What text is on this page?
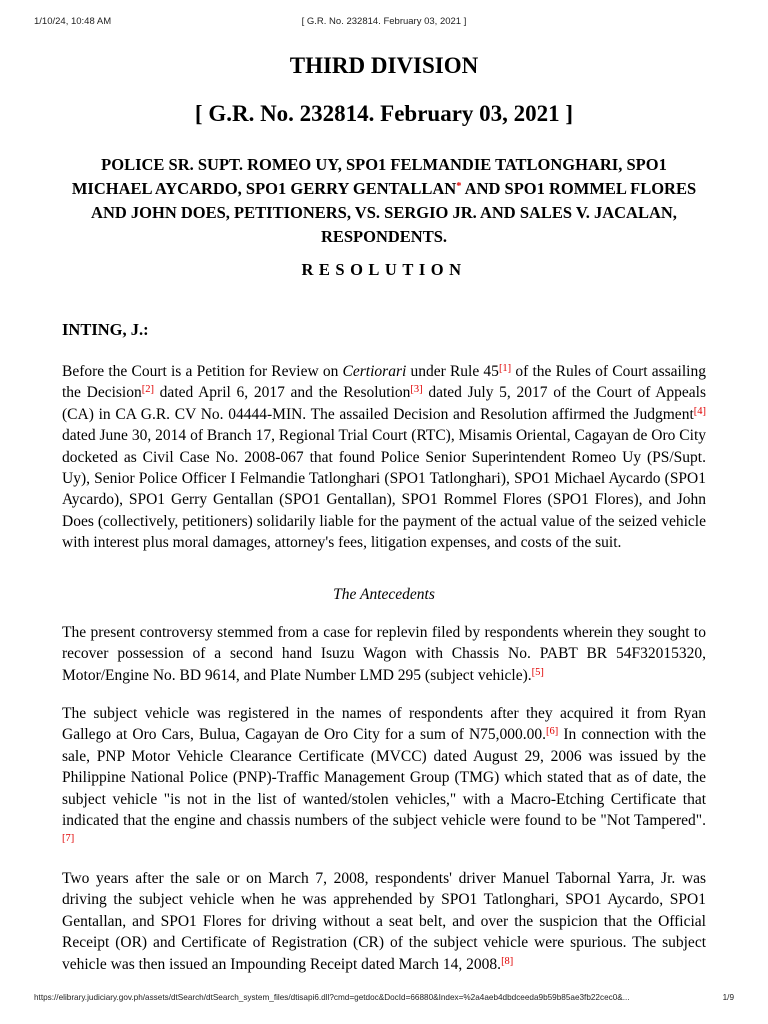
1/10/24, 10:48 AM	[ G.R. No. 232814. February 03, 2021 ]
THIRD DIVISION
[ G.R. No. 232814. February 03, 2021 ]
POLICE SR. SUPT. ROMEO UY, SPO1 FELMANDIE TATLONGHARI, SPO1 MICHAEL AYCARDO, SPO1 GERRY GENTALLAN* AND SPO1 ROMMEL FLORES AND JOHN DOES, PETITIONERS, VS. SERGIO JR. AND SALES V. JACALAN, RESPONDENTS.
RESOLUTION
INTING, J.:

Before the Court is a Petition for Review on Certiorari under Rule 45[1] of the Rules of Court assailing the Decision[2] dated April 6, 2017 and the Resolution[3] dated July 5, 2017 of the Court of Appeals (CA) in CA G.R. CV No. 04444-MIN. The assailed Decision and Resolution affirmed the Judgment[4] dated June 30, 2014 of Branch 17, Regional Trial Court (RTC), Misamis Oriental, Cagayan de Oro City docketed as Civil Case No. 2008-067 that found Police Senior Superintendent Romeo Uy (PS/Supt. Uy), Senior Police Officer I Felmandie Tatlonghari (SPO1 Tatlonghari), SPO1 Michael Aycardo (SPO1 Aycardo), SPO1 Gerry Gentallan (SPO1 Gentallan), SPO1 Rommel Flores (SPO1 Flores), and John Does (collectively, petitioners) solidarily liable for the payment of the actual value of the seized vehicle with interest plus moral damages, attorney's fees, litigation expenses, and costs of the suit.

The Antecedents

The present controversy stemmed from a case for replevin filed by respondents wherein they sought to recover possession of a second hand Isuzu Wagon with Chassis No. PABT BR 54F32015320, Motor/Engine No. BD 9614, and Plate Number LMD 295 (subject vehicle).[5]

The subject vehicle was registered in the names of respondents after they acquired it from Ryan Gallego at Oro Cars, Bulua, Cagayan de Oro City for a sum of N75,000.00.[6] In connection with the sale, PNP Motor Vehicle Clearance Certificate (MVCC) dated August 29, 2006 was issued by the Philippine National Police (PNP)-Traffic Management Group (TMG) which stated that as of date, the subject vehicle "is not in the list of wanted/stolen vehicles," with a Macro-Etching Certificate that indicated that the engine and chassis numbers of the subject vehicle were found to be "Not Tampered".[7]

Two years after the sale or on March 7, 2008, respondents' driver Manuel Tabornal Yarra, Jr. was driving the subject vehicle when he was apprehended by SPO1 Tatlonghari, SPO1 Aycardo, SPO1 Gentallan, and SPO1 Flores for driving without a seat belt, and over the suspicion that the Official Receipt (OR) and Certificate of Registration (CR) of the subject vehicle were spurious. The subject vehicle was then issued an Impounding Receipt dated March 14, 2008.[8]

https://elibrary.judiciary.gov.ph/assets/dtSearch/dtSearch_system_files/dtisapi6.dll?cmd=getdoc&DocId=66880&Index=%2a4aeb4dbdceeda9b59b85ae3fb22cec0&...	1/9
